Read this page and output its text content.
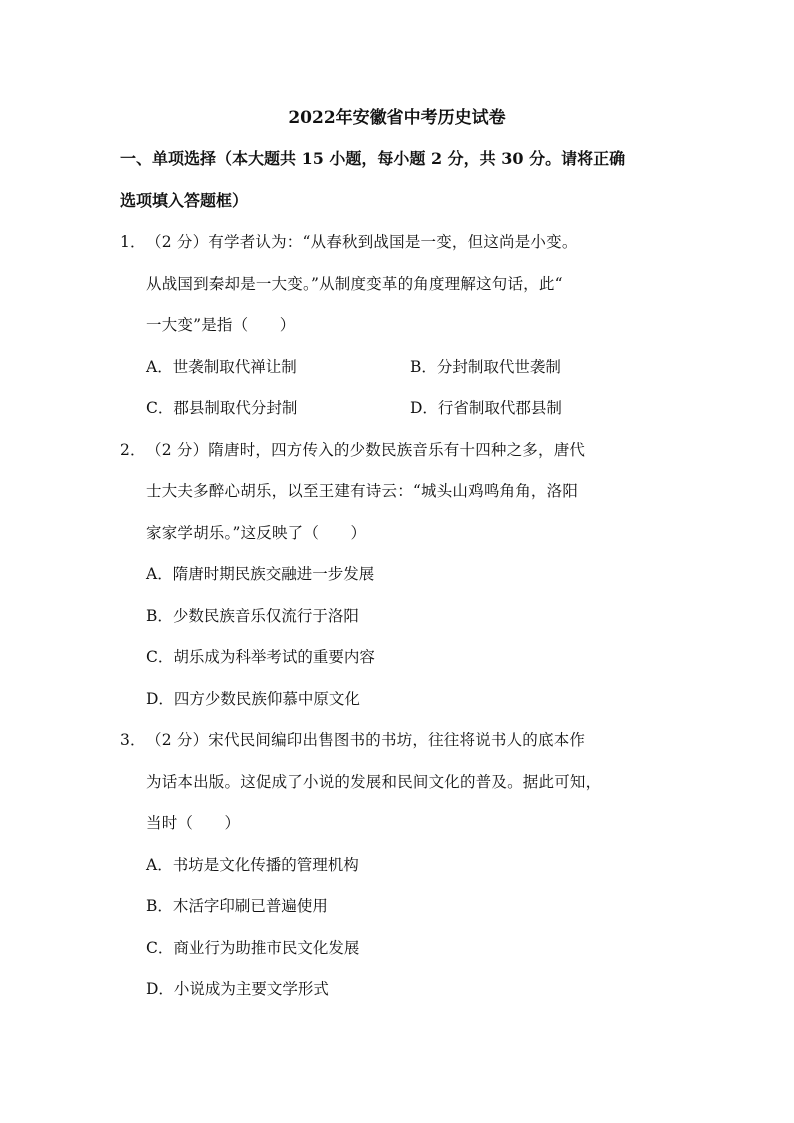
2022年安徽省中考历史试卷
一、单项选择（本大题共 15 小题，每小题 2 分，共 30 分。请将正确
选项填入答题框）
1．（2 分）有学者认为：“从春秋到战国是一变，但这尚是小变。
从战国到秦却是一大变。”从制度变革的角度理解这句话，此“
一大变”是指（　　）
A．世袭制取代禅让制	B．分封制取代世袭制
C．郡县制取代分封制	D．行省制取代郡县制
2．（2 分）隋唐时，四方传入的少数民族音乐有十四种之多，唐代
士大夫多醉心胡乐，以至王建有诗云：“城头山鸡鸣角角，洛阳
家家学胡乐。”这反映了（　　）
A．隋唐时期民族交融进一步发展
B．少数民族音乐仅流行于洛阳
C．胡乐成为科举考试的重要内容
D．四方少数民族仰慕中原文化
3．（2 分）宋代民间编印出售图书的书坊，往往将说书人的底本作
为话本出版。这促成了小说的发展和民间文化的普及。据此可知，
当时（　　）
A．书坊是文化传播的管理机构
B．木活字印刷已普遍使用
C．商业行为助推市民文化发展
D．小说成为主要文学形式
